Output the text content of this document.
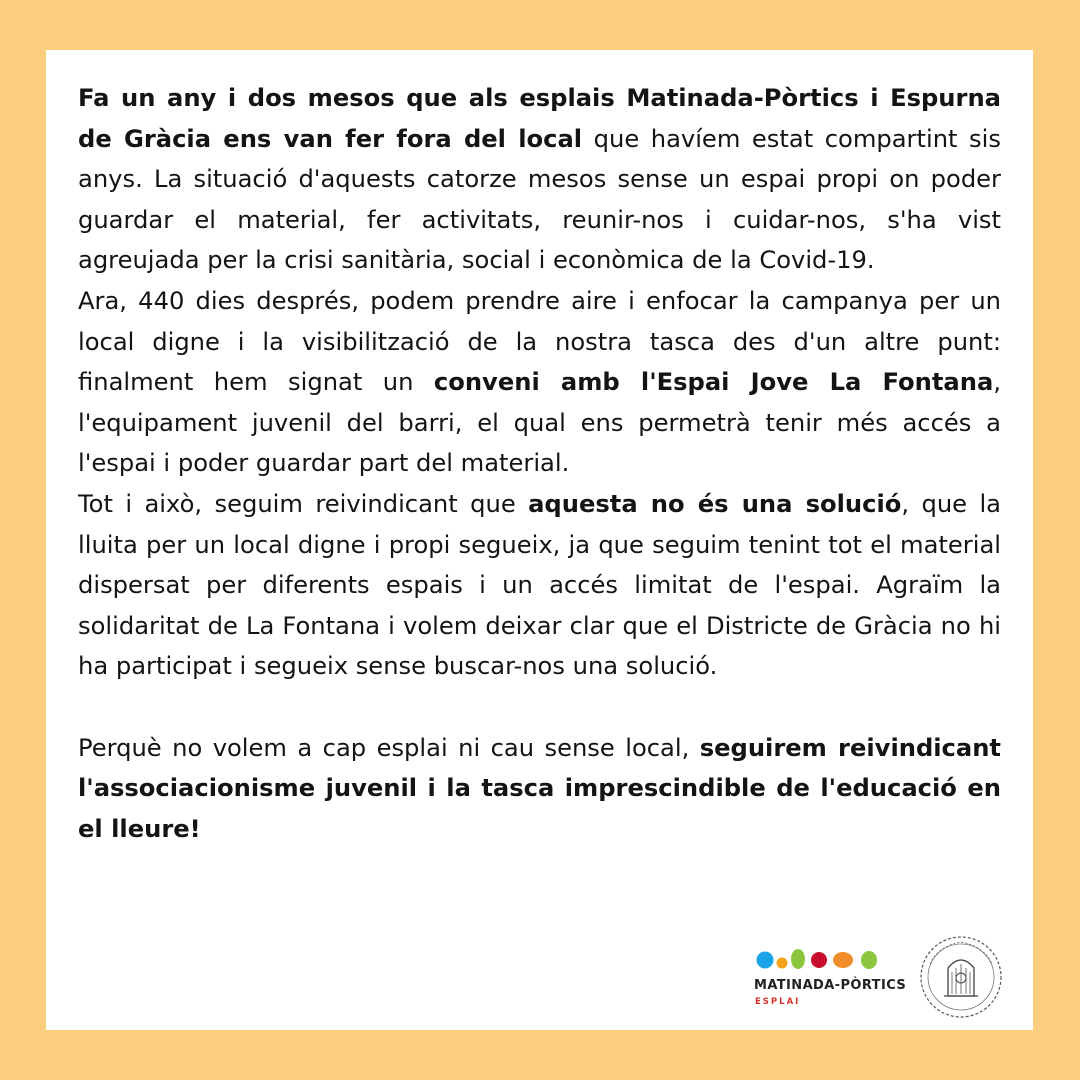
Fa un any i dos mesos que als esplais Matinada-Pòrtics i Espurna de Gràcia ens van fer fora del local que havíem estat compartint sis anys. La situació d'aquests catorze mesos sense un espai propi on poder guardar el material, fer activitats, reunir-nos i cuidar-nos, s'ha vist agreujada per la crisi sanitària, social i econòmica de la Covid-19.

Ara, 440 dies després, podem prendre aire i enfocar la campanya per un local digne i la visibilització de la nostra tasca des d'un altre punt: finalment hem signat un conveni amb l'Espai Jove La Fontana, l'equipament juvenil del barri, el qual ens permetrà tenir més accés a l'espai i poder guardar part del material.

Tot i això, seguim reivindicant que aquesta no és una solució, que la lluita per un local digne i propi segueix, ja que seguim tenint tot el material dispersat per diferents espais i un accés limitat de l'espai. Agraïm la solidaritat de La Fontana i volem deixar clar que el Districte de Gràcia no hi ha participat i segueix sense buscar-nos una solució.

Perquè no volem a cap esplai ni cau sense local, seguirem reivindicant l'associacionisme juvenil i la tasca imprescindible de l'educació en el lleure!

MATINADA-PÒRTICS
ESPLAI
